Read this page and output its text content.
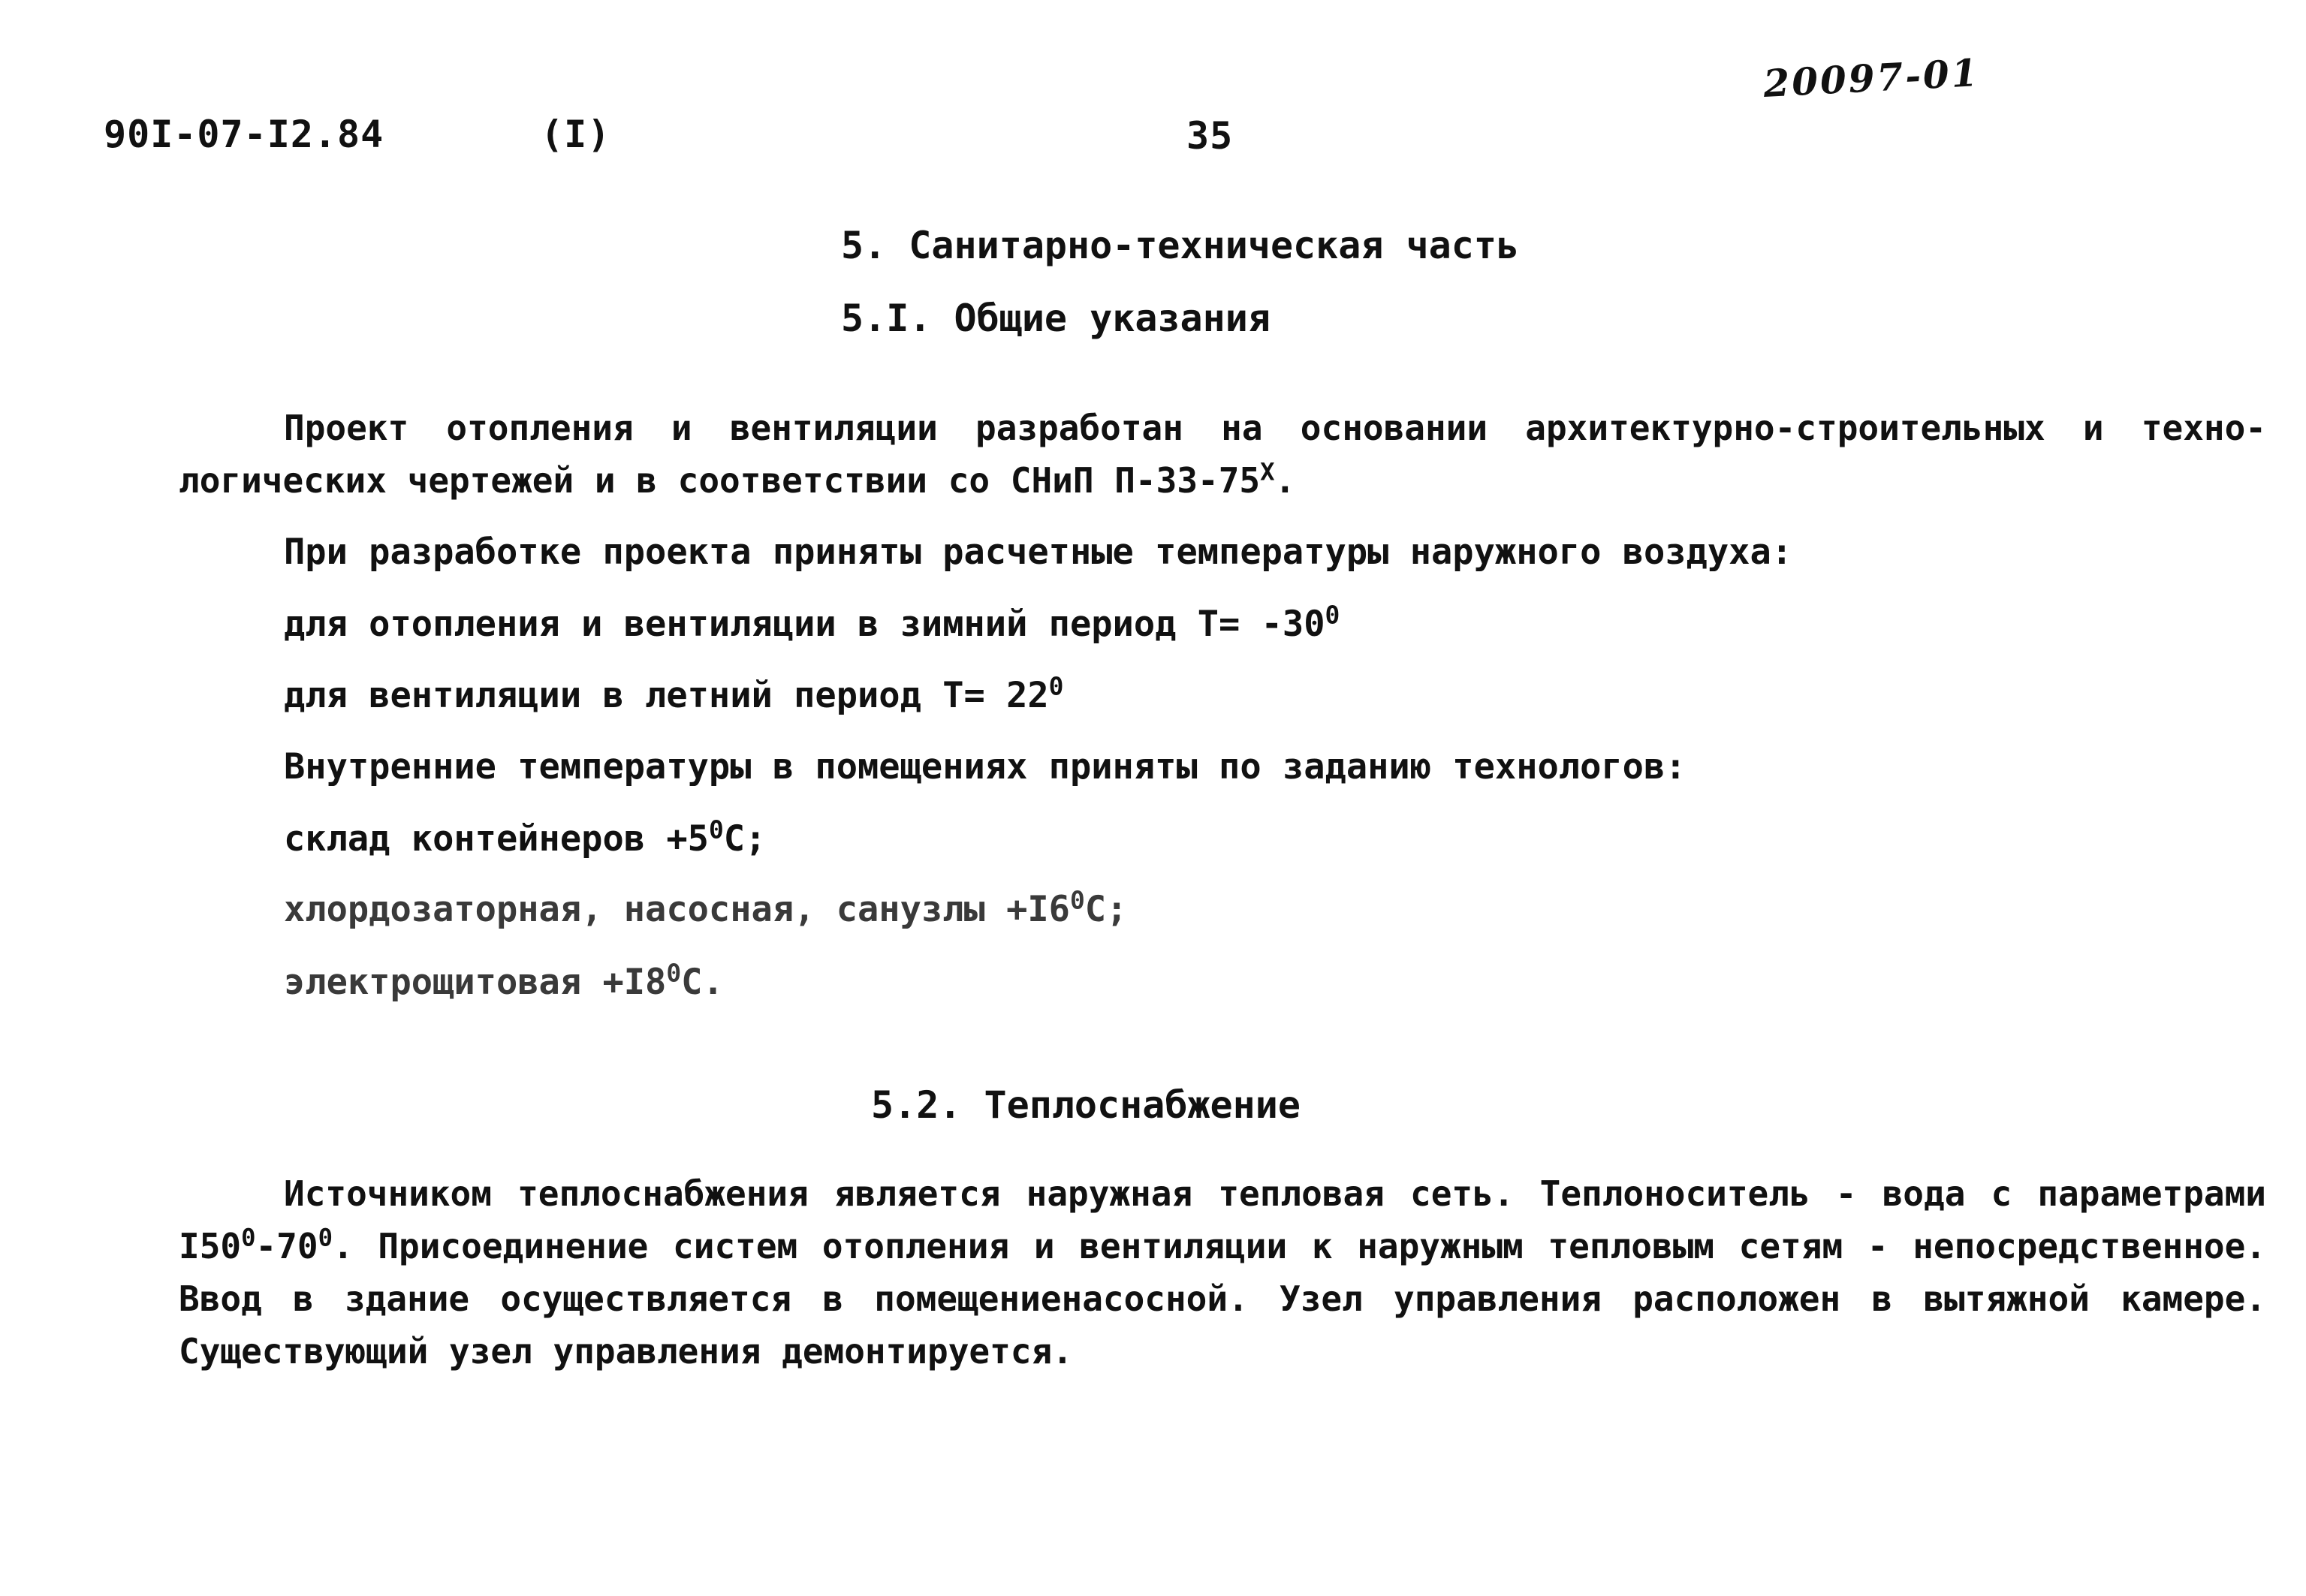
90I-07-I2.84	(I)	35
20097-01
5. Санитарно-техническая часть
5.I. Общие указания
Проект отопления и вентиляции разработан на основании архитектурно-строительных и техно-логических чертежей и в соответствии со СНиП $П-33-75^X$.
При разработке проекта приняты расчетные температуры наружного воздуха:
для отопления и вентиляции в зимний период $Т= -30^0$
для вентиляции в летний период $Т= 22^0$
Внутренние температуры в помещениях приняты по заданию технологов:
склад контейнеров $+5^0С$;
хлордозаторная, насосная, санузлы $+I6^0С$;
электрощитовая $+I8^0С$.
5.2. Теплоснабжение
Источником теплоснабжения является наружная тепловая сеть. Теплоноситель - вода с параметрами $I50^0-70^0$. Присоединение систем отопления и вентиляции к наружным тепловым сетям - непосредственное. Ввод в здание осуществляется в помещениенасосной. Узел управления расположен в вытяжной камере. Существующий узел управления демонтируется.
